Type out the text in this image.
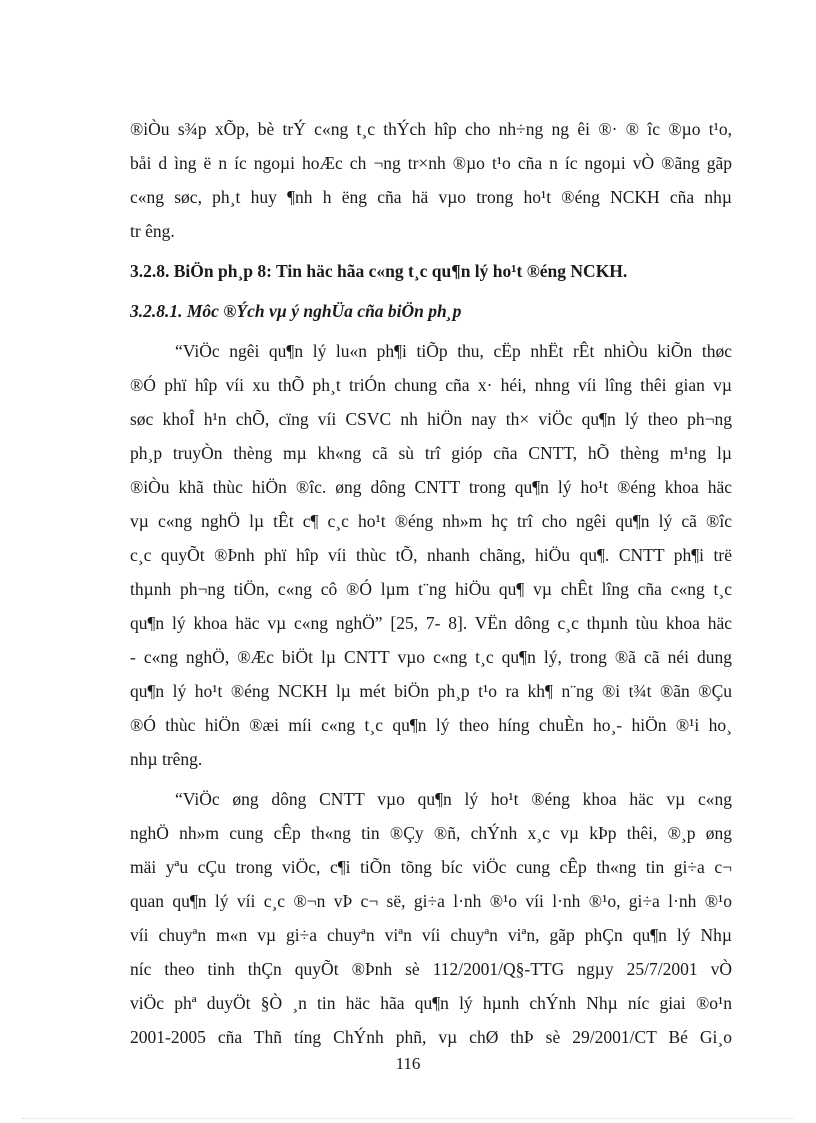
®iÒu s¾p xÕp, bè trÝ c«ng t¸c thÝch hîp cho nh÷ng ng êi ®· ® îc ®µo t¹o,
båi d ìng ë n íc ngoµi hoÆc ch ¬ng tr×nh ®µo t¹o cña n íc ngoµi vÒ ®ãng gãp
c«ng søc, ph¸t huy ¶nh h ëng cña hä vµo trong ho¹t ®éng NCKH cña nhµ
tr êng.
3.2.8. BiÖn ph¸p 8: Tin häc hãa c«ng t¸c qu¶n lý ho¹t ®éng NCKH.
3.2.8.1. Môc ®Ých vµ ý nghÜa cña biÖn ph¸p
“ViÖc ngêi qu¶n lý lu«n ph¶i tiÕp thu, cËp nhËt rÊt nhiÒu kiÕn thøc
®Ó phï hîp víi xu thÕ ph¸t triÓn chung cña x· héi, nhng víi lîng thêi gian vµ
søc khoÎ h¹n chÕ, cïng víi CSVC nh hiÖn nay th× viÖc qu¶n lý theo ph¬ng
ph¸p truyÒn thèng mµ kh«ng cã sù trî gióp cña CNTT, hÕ thèng m¹ng lµ
®iÒu khã thùc hiÖn ®îc. øng dông CNTT trong qu¶n lý ho¹t ®éng khoa häc
vµ c«ng nghÖ lµ tÊt c¶ c¸c ho¹t ®éng nh»m hç trî cho ngêi qu¶n lý cã ®îc
c¸c quyÕt ®Þnh phï hîp víi thùc tÕ, nhanh chãng, hiÖu qu¶. CNTT ph¶i trë
thµnh ph¬ng tiÖn, c«ng cô ®Ó lµm t¨ng hiÖu qu¶ vµ chÊt lîng cña c«ng t¸c
qu¶n lý khoa häc vµ c«ng nghÖ” [25, 7- 8]. VËn dông c¸c thµnh tùu khoa häc
- c«ng nghÖ, ®Æc biÖt lµ CNTT vµo c«ng t¸c qu¶n lý, trong ®ã cã néi dung
qu¶n lý ho¹t ®éng NCKH lµ mét biÖn ph¸p t¹o ra kh¶ n¨ng ®i t¾t ®ãn ®Çu
®Ó thùc hiÖn ®æi míi c«ng t¸c qu¶n lý theo híng chuÈn ho¸- hiÖn ®¹i ho¸
nhµ trêng.
“ViÖc øng dông CNTT vµo qu¶n lý ho¹t ®éng khoa häc vµ c«ng
nghÖ nh»m cung cÊp th«ng tin ®Çy ®ñ, chÝnh x¸c vµ kÞp thêi, ®¸p øng
mäi yªu cÇu trong viÖc, c¶i tiÕn tõng bíc viÖc cung cÊp th«ng tin gi÷a c¬
quan qu¶n lý víi c¸c ®¬n vÞ c¬ së, gi÷a l·nh ®¹o víi l·nh ®¹o, gi÷a l·nh ®¹o
víi chuyªn m«n vµ gi÷a chuyªn viªn víi chuyªn viªn, gãp phÇn qu¶n lý Nhµ
níc theo tinh thÇn quyÕt ®Þnh sè 112/2001/Q§-TTG ngµy 25/7/2001 vÒ
viÖc phª duyÖt §Ò ¸n tin häc hãa qu¶n lý hµnh chÝnh Nhµ níc giai ®o¹n
2001-2005 cña Thñ tíng ChÝnh phñ, vµ chØ thÞ sè 29/2001/CT Bé Gi¸o
116
